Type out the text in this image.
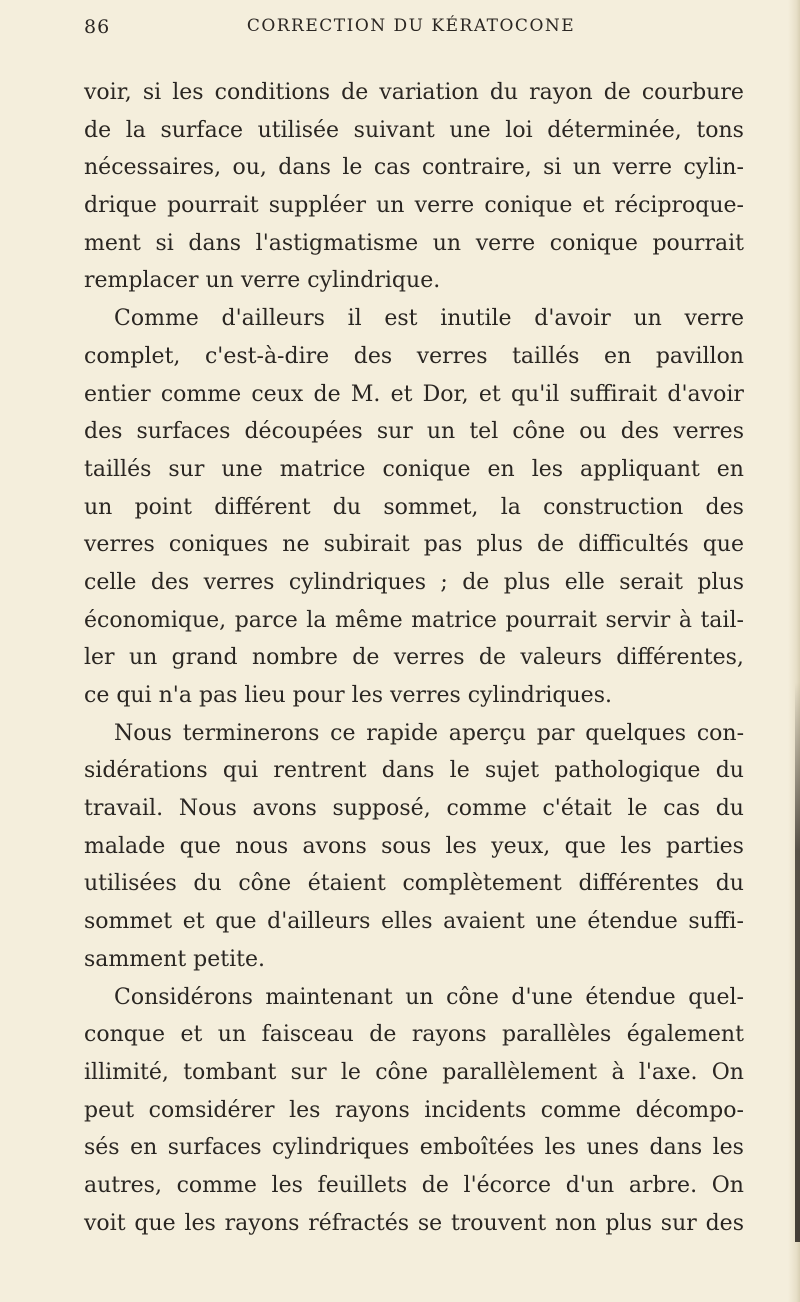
86	CORRECTION DU KÉRATOCONE
voir, si les conditions de variation du rayon de courbure
de la surface utilisée suivant une loi déterminée, tons
nécessaires, ou, dans le cas contraire, si un verre cylin-
drique pourrait suppléer un verre conique et réciproque-
ment si dans l'astigmatisme un verre conique pourrait
remplacer un verre cylindrique.
Comme d'ailleurs il est inutile d'avoir un verre
complet, c'est-à-dire des verres taillés en pavillon
entier comme ceux de M. et Dor, et qu'il suffirait d'avoir
des surfaces découpées sur un tel cône ou des verres
taillés sur une matrice conique en les appliquant en
un point différent du sommet, la construction des
verres coniques ne subirait pas plus de difficultés que
celle des verres cylindriques ; de plus elle serait plus
économique, parce la même matrice pourrait servir à tail-
ler un grand nombre de verres de valeurs différentes,
ce qui n'a pas lieu pour les verres cylindriques.
Nous terminerons ce rapide aperçu par quelques con-
sidérations qui rentrent dans le sujet pathologique du
travail. Nous avons supposé, comme c'était le cas du
malade que nous avons sous les yeux, que les parties
utilisées du cône étaient complètement différentes du
sommet et que d'ailleurs elles avaient une étendue suffi-
samment petite.
Considérons maintenant un cône d'une étendue quel-
conque et un faisceau de rayons parallèles également
illimité, tombant sur le cône parallèlement à l'axe. On
peut comsidérer les rayons incidents comme décompo-
sés en surfaces cylindriques emboîtées les unes dans les
autres, comme les feuillets de l'écorce d'un arbre. On
voit que les rayons réfractés se trouvent non plus sur des
